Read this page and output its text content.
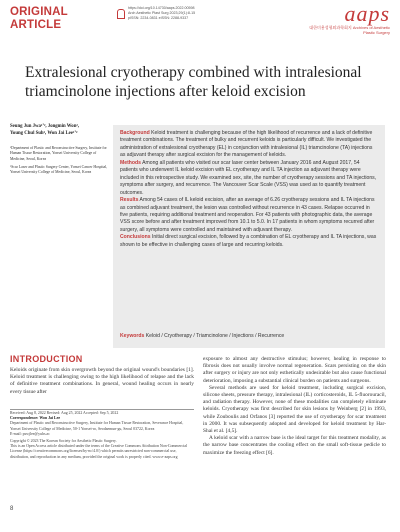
ORIGINAL
ARTICLE
https://doi.org/10.14730/aaps.2022.00598
Arch Aesthetic Plast Surg 2023;29(1):8-15
pISSN: 2234-0831 eISSN: 2288-9337	aaps
대한미용성형외과학회지 Archives of Aesthetic Plastic Surgery
Extralesional cryotherapy combined with intralesional
triamcinolone injections after keloid excision
Seung Jun Jwa¹ʼ², Jongmin Won²,
Young Chul Suh², Won Jai Lee¹ʼ²
¹Department of Plastic and Reconstructive Surgery, Institute for Human Tissue Restoration, Yonsei University College of Medicine, Seoul, Korea
²Scar Laser and Plastic Surgery Center, Yonsei Cancer Hospital, Yonsei University College of Medicine, Seoul, Korea

Background Keloid treatment is challenging because of the high likelihood of recurrence and a lack of definitive treatment combinations. The treatment of bulky and recurrent keloids is particularly difficult. We investigated the administration of extralesional cryotherapy (EL) in conjunction with intralesional (IL) triamcinolone (TA) injections as adjuvant therapy after surgical excision for the management of keloids.

Methods Among all patients who visited our scar laser center between January 2016 and August 2017, 54 patients who underwent IL keloid excision with EL cryotherapy and IL TA injection as adjuvant therapy were included in this retrospective study. We examined sex, site, the number of cryotherapy sessions and TA injections, symptoms after surgery, and recurrence. The Vancouver Scar Scale (VSS) was used as to quantify treatment outcomes.

Results Among 54 cases of IL keloid excision, after an average of 6.26 cryotherapy sessions and IL TA injections as combined adjuvant treatment, the lesion was controlled without recurrence in 43 cases. Relapse occurred in five patients, requiring additional treatment and reoperation. For 43 patients with photographic data, the average VSS score before and after treatment improved from 10.1 to 5.0. In 17 patients in whom symptoms recurred after surgery, all symptoms were controlled and maintained with adjuvant therapy.

Conclusions Initial direct surgical excision, followed by a combination of EL cryotherapy and IL TA injections, was shown to be effective in challenging cases of large and recurring keloids.

Keywords Keloid / Cryotherapy / Triamcinolone / Injections / Recurrence
INTRODUCTION

Keloids originate from skin overgrowth beyond the original wound's boundaries [1]. Keloid treatment is challenging owing to the high likelihood of relapse and the lack of definitive treatment combinations. In general, wound healing occurs in nearly every tissue after

Received: Aug 8, 2022 Revised: Aug 25, 2022 Accepted: Sep 5, 2022

Correspondence: Won Jai Lee

Department of Plastic and Reconstructive Surgery, Institute for Human Tissue Restoration, Severance Hospital, Yonsei University College of Medicine, 50-1 Yonsei-ro, Seodaemun-gu, Seoul 03722, Korea

E-mail: pswjlee@yuhs.ac

Copyright © 2023 The Korean Society for Aesthetic Plastic Surgery.

This is an Open Access article distributed under the terms of the Creative Commons Attribution Non-Commercial License (https://creativecommons.org/licenses/by-nc/4.0/) which permits unrestricted non-commercial use, distribution, and reproduction in any medium, provided the original work is properly cited. www.e-aaps.org

exposure to almost any destructive stimulus; however, healing in response to fibrosis does not usually involve normal regeneration. Scars persisting on the skin after surgery or injury are not only esthetically undesirable but also cause functional deterioration, imposing a substantial clinical burden on patients and surgeons.

Several methods are used for keloid treatment, including surgical excision, silicone sheets, pressure therapy, intralesional (IL) corticosteroids, IL 5-fluorouracil, and radiation therapy. However, none of these modalities can completely eliminate keloids. Cryotherapy was first described for skin lesions by Weinberg [2] in 1993, while Zouboulis and Orfanos [3] reported the use of cryotherapy for scar treatment in 2000. It was subsequently adopted and developed for keloid treatment by Har-Shai et al. [4,5].

A keloid scar with a narrow base is the ideal target for this treatment modality, as the narrow base concentrates the cooling effect on the small soft-tissue pedicle to maximize the freezing effect [6].

8
